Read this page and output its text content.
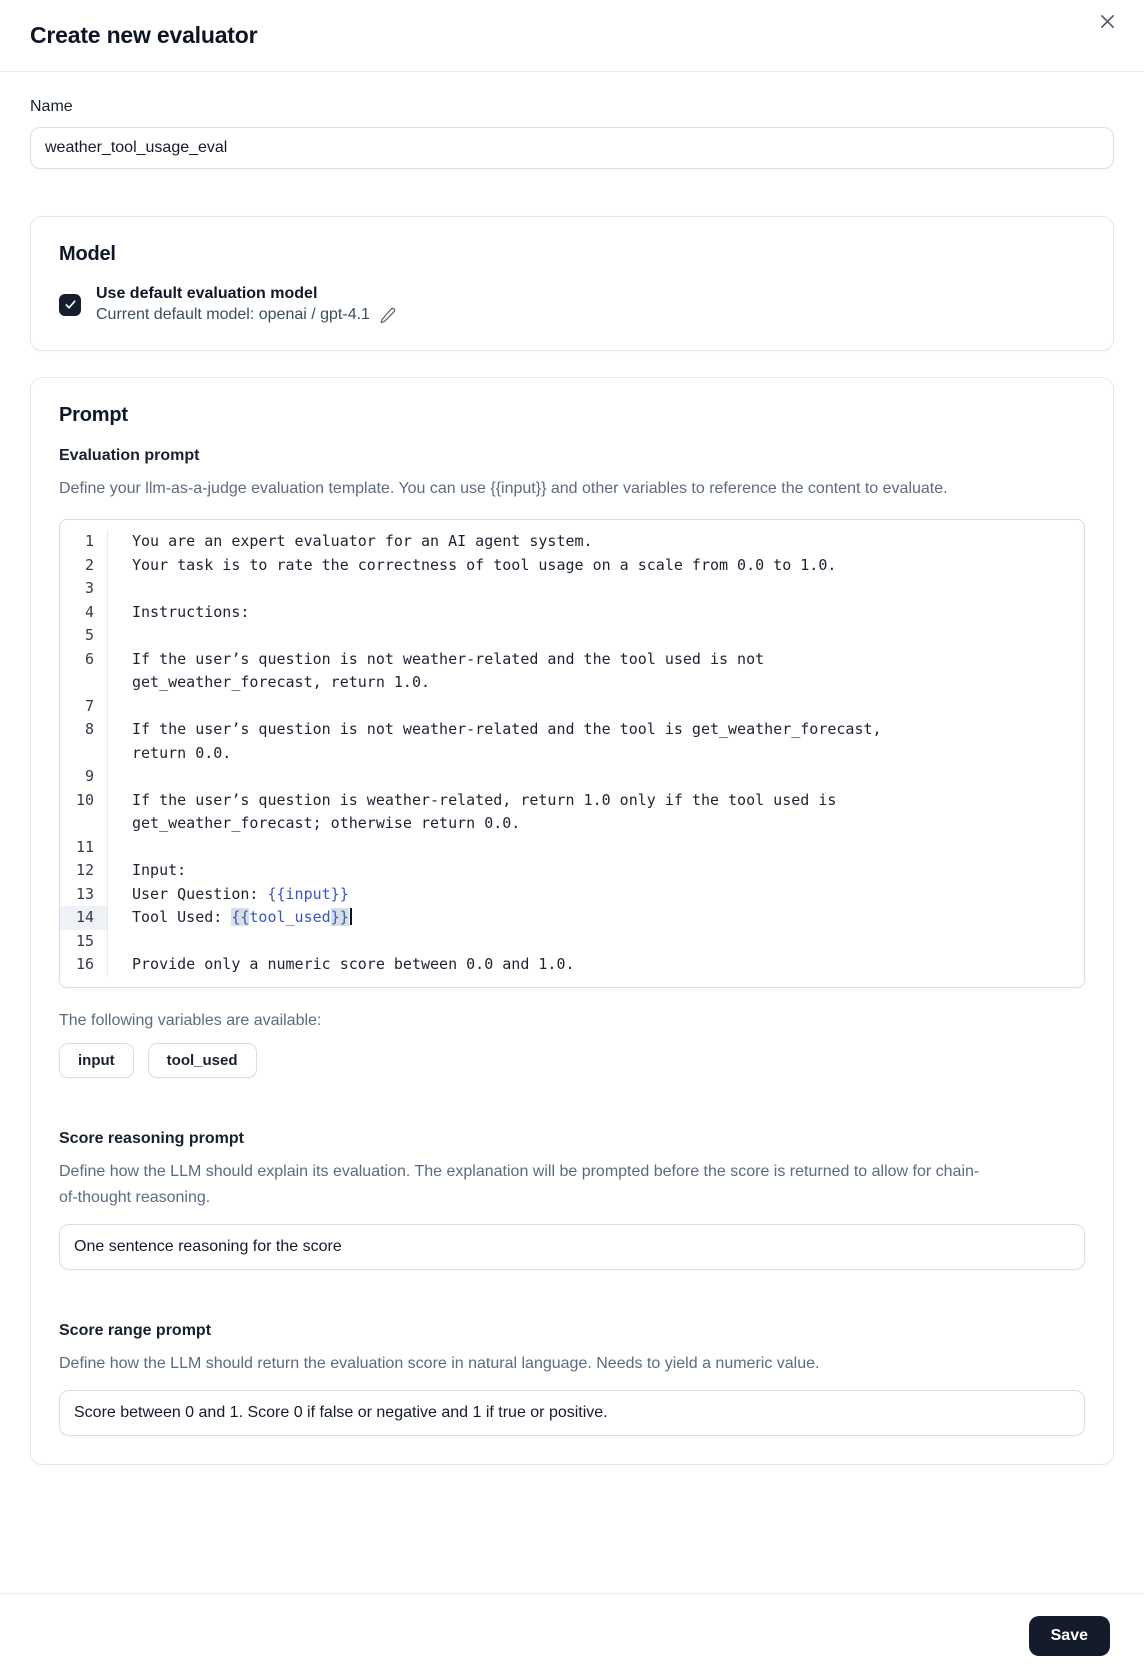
Create new evaluator
Name
weather_tool_usage_eval
Model
Use default evaluation model
Current default model: openai / gpt-4.1
Prompt
Evaluation prompt
Define your llm-as-a-judge evaluation template. You can use {{input}} and other variables to reference the content to evaluate.
1	You are an expert evaluator for an AI agent system.
2	Your task is to rate the correctness of tool usage on a scale from 0.0 to 1.0.
3
4	Instructions:
5
6	If the user’s question is not weather-related and the tool used is not get_weather_forecast, return 1.0.
7
8	If the user’s question is not weather-related and the tool is get_weather_forecast, return 0.0.
9
10	If the user’s question is weather-related, return 1.0 only if the tool used is get_weather_forecast; otherwise return 0.0.
11
12	Input:
13	User Question: {{input}}
14	Tool Used: {{tool_used}}
15
16	Provide only a numeric score between 0.0 and 1.0.
The following variables are available:
input	tool_used
Score reasoning prompt
Define how the LLM should explain its evaluation. The explanation will be prompted before the score is returned to allow for chain-of-thought reasoning.
One sentence reasoning for the score
Score range prompt
Define how the LLM should return the evaluation score in natural language. Needs to yield a numeric value.
Score between 0 and 1. Score 0 if false or negative and 1 if true or positive.
Save
